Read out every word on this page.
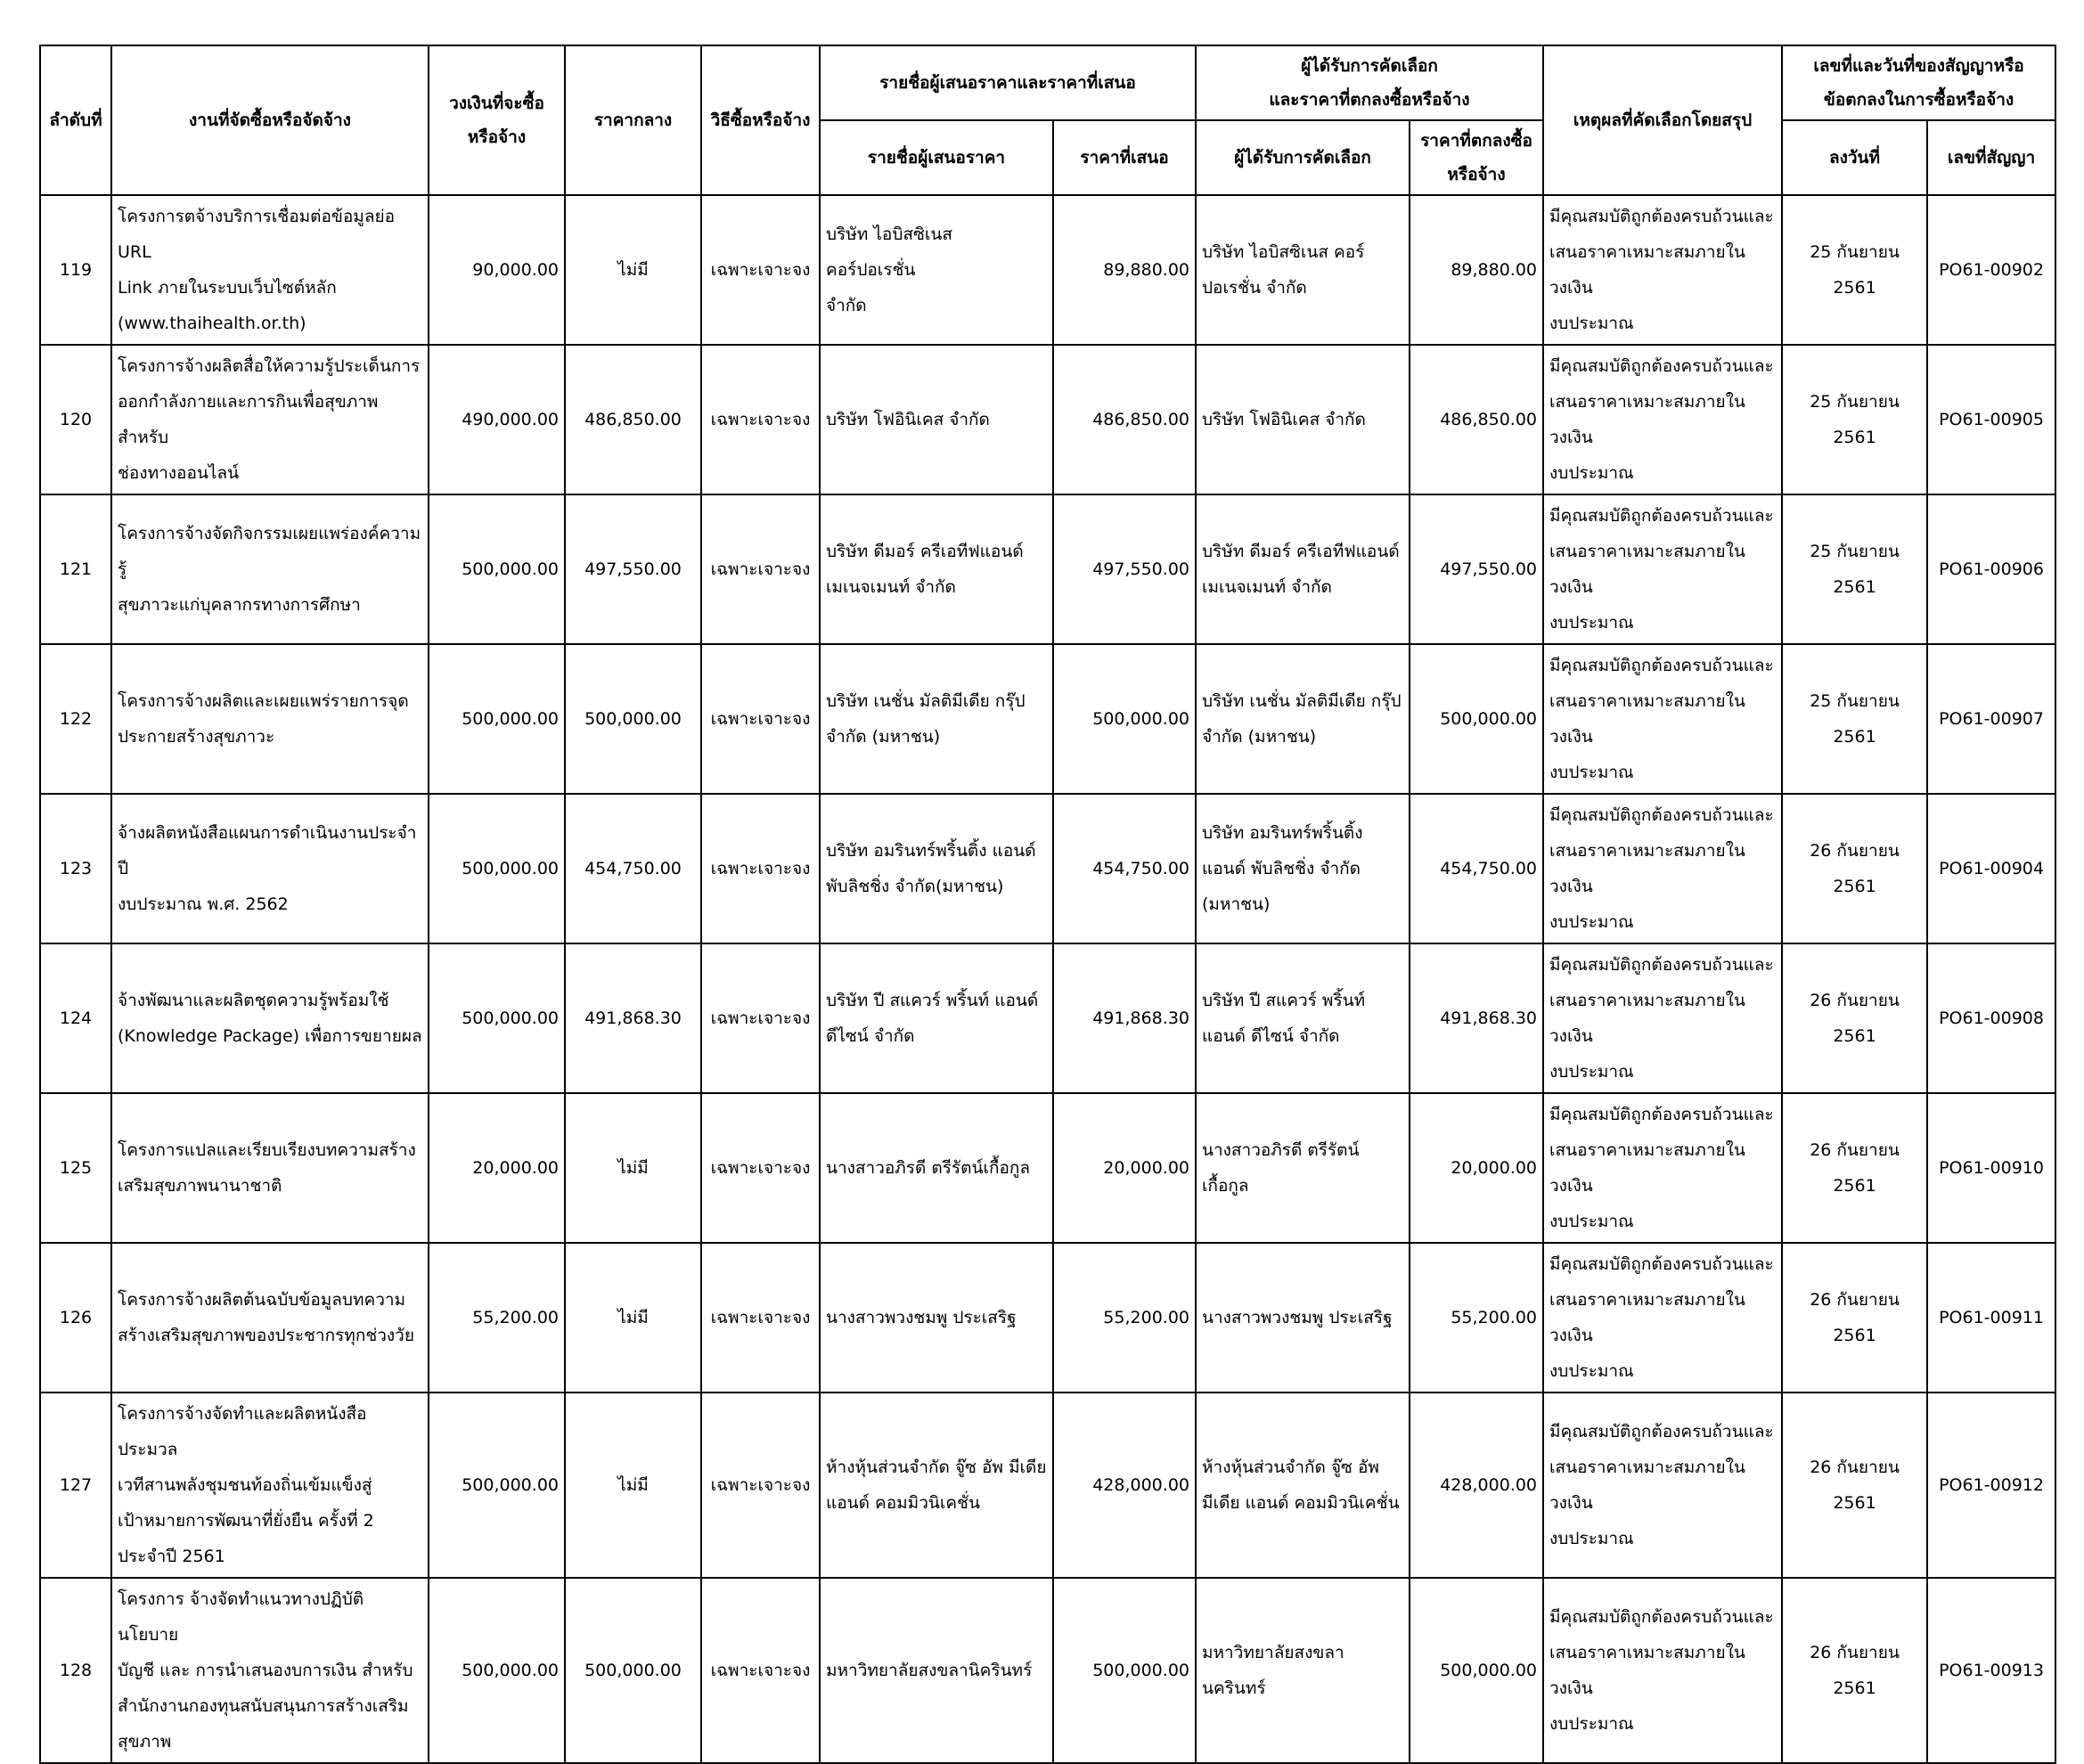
ลำดับที่	งานที่จัดซื้อหรือจัดจ้าง	วงเงินที่จะซื้อ
หรือจ้าง	ราคากลาง	วิธีซื้อหรือจ้าง	รายชื่อผู้เสนอราคาและราคาที่เสนอ		ผู้ได้รับการคัดเลือก
และราคาที่ตกลงซื้อหรือจ้าง		เหตุผลที่คัดเลือกโดยสรุป	เลขที่และวันที่ของสัญญาหรือ
ข้อตกลงในการซื้อหรือจ้าง	
					รายชื่อผู้เสนอราคา	ราคาที่เสนอ	ผู้ได้รับการคัดเลือก	ราคาที่ตกลงซื้อ
หรือจ้าง		ลงวันที่	เลขที่สัญญา
119	โครงการตจ้างบริการเชื่อมต่อข้อมูลย่อ URL
Link ภายในระบบเว็บไซต์หลัก
(www.thaihealth.or.th)	90,000.00	ไม่มี	เฉพาะเจาะจง	บริษัท ไอบิสซิเนส คอร์ปอเรชั่น
จำกัด	89,880.00	บริษัท ไอบิสซิเนส คอร์
ปอเรชั่น จำกัด	89,880.00	มีคุณสมบัติถูกต้องครบถ้วนและ
เสนอราคาเหมาะสมภายในวงเงิน
งบประมาณ	25 กันยายน 2561	PO61-00902
120	โครงการจ้างผลิตสื่อให้ความรู้ประเด็นการ
ออกกำลังกายและการกินเพื่อสุขภาพสำหรับ
ช่องทางออนไลน์	490,000.00	486,850.00	เฉพาะเจาะจง	บริษัท โฟอินิเคส จำกัด	486,850.00	บริษัท โฟอินิเคส จำกัด	486,850.00	มีคุณสมบัติถูกต้องครบถ้วนและ
เสนอราคาเหมาะสมภายในวงเงิน
งบประมาณ	25 กันยายน 2561	PO61-00905
121	โครงการจ้างจัดกิจกรรมเผยแพร่องค์ความรู้
สุขภาวะแก่บุคลากรทางการศึกษา	500,000.00	497,550.00	เฉพาะเจาะจง	บริษัท ดีมอร์ ครีเอทีฟแอนด์
เมเนจเมนท์ จำกัด	497,550.00	บริษัท ดีมอร์ ครีเอทีฟแอนด์
เมเนจเมนท์ จำกัด	497,550.00	มีคุณสมบัติถูกต้องครบถ้วนและ
เสนอราคาเหมาะสมภายในวงเงิน
งบประมาณ	25 กันยายน 2561	PO61-00906
122	โครงการจ้างผลิตและเผยแพร่รายการจุด
ประกายสร้างสุขภาวะ	500,000.00	500,000.00	เฉพาะเจาะจง	บริษัท เนชั่น มัลติมีเดีย กรุ๊ป
จำกัด (มหาชน)	500,000.00	บริษัท เนชั่น มัลติมีเดีย กรุ๊ป
จำกัด (มหาชน)	500,000.00	มีคุณสมบัติถูกต้องครบถ้วนและ
เสนอราคาเหมาะสมภายในวงเงิน
งบประมาณ	25 กันยายน 2561	PO61-00907
123	จ้างผลิตหนังสือแผนการดำเนินงานประจำปี
งบประมาณ พ.ศ. 2562	500,000.00	454,750.00	เฉพาะเจาะจง	บริษัท อมรินทร์พริ้นติ้ง แอนด์
พับลิชชิ่ง จำกัด(มหาชน)	454,750.00	บริษัท อมรินทร์พริ้นติ้ง
แอนด์ พับลิชชิ่ง จำกัด
(มหาชน)	454,750.00	มีคุณสมบัติถูกต้องครบถ้วนและ
เสนอราคาเหมาะสมภายในวงเงิน
งบประมาณ	26 กันยายน 2561	PO61-00904
124	จ้างพัฒนาและผลิตชุดความรู้พร้อมใช้
(Knowledge Package) เพื่อการขยายผล	500,000.00	491,868.30	เฉพาะเจาะจง	บริษัท ปี สแควร์ พริ้นท์ แอนด์
ดีไซน์ จำกัด	491,868.30	บริษัท ปี สแควร์ พริ้นท์
แอนด์ ดีไซน์ จำกัด	491,868.30	มีคุณสมบัติถูกต้องครบถ้วนและ
เสนอราคาเหมาะสมภายในวงเงิน
งบประมาณ	26 กันยายน 2561	PO61-00908
125	โครงการแปลและเรียบเรียงบทความสร้าง
เสริมสุขภาพนานาชาติ	20,000.00	ไม่มี	เฉพาะเจาะจง	นางสาวอภิรดี ตรีรัตน์เกื้อกูล	20,000.00	นางสาวอภิรดี ตรีรัตน์เกื้อกูล	20,000.00	มีคุณสมบัติถูกต้องครบถ้วนและ
เสนอราคาเหมาะสมภายในวงเงิน
งบประมาณ	26 กันยายน 2561	PO61-00910
126	โครงการจ้างผลิตต้นฉบับข้อมูลบทความ
สร้างเสริมสุขภาพของประชากรทุกช่วงวัย	55,200.00	ไม่มี	เฉพาะเจาะจง	นางสาวพวงชมพู ประเสริฐ	55,200.00	นางสาวพวงชมพู ประเสริฐ	55,200.00	มีคุณสมบัติถูกต้องครบถ้วนและ
เสนอราคาเหมาะสมภายในวงเงิน
งบประมาณ	26 กันยายน 2561	PO61-00911
127	โครงการจ้างจัดทำและผลิตหนังสือประมวล
เวทีสานพลังชุมชนท้องถิ่นเข้มแข็งสู่
เป้าหมายการพัฒนาที่ยั่งยืน ครั้งที่ 2
ประจำปี 2561	500,000.00	ไม่มี	เฉพาะเจาะจง	ห้างหุ้นส่วนจำกัด จู๊ซ อัพ มีเดีย
แอนด์ คอมมิวนิเคชั่น	428,000.00	ห้างหุ้นส่วนจำกัด จู๊ซ อัพ
มีเดีย แอนด์ คอมมิวนิเคชั่น	428,000.00	มีคุณสมบัติถูกต้องครบถ้วนและ
เสนอราคาเหมาะสมภายในวงเงิน
งบประมาณ	26 กันยายน 2561	PO61-00912
128	โครงการ จ้างจัดทำแนวทางปฏิบัติ นโยบาย
บัญชี และ การนำเสนองบการเงิน สำหรับ
สำนักงานกองทุนสนับสนุนการสร้างเสริม
สุขภาพ	500,000.00	500,000.00	เฉพาะเจาะจง	มหาวิทยาลัยสงขลานิครินทร์	500,000.00	มหาวิทยาลัยสงขลานครินทร์	500,000.00	มีคุณสมบัติถูกต้องครบถ้วนและ
เสนอราคาเหมาะสมภายในวงเงิน
งบประมาณ	26 กันยายน 2561	PO61-00913
